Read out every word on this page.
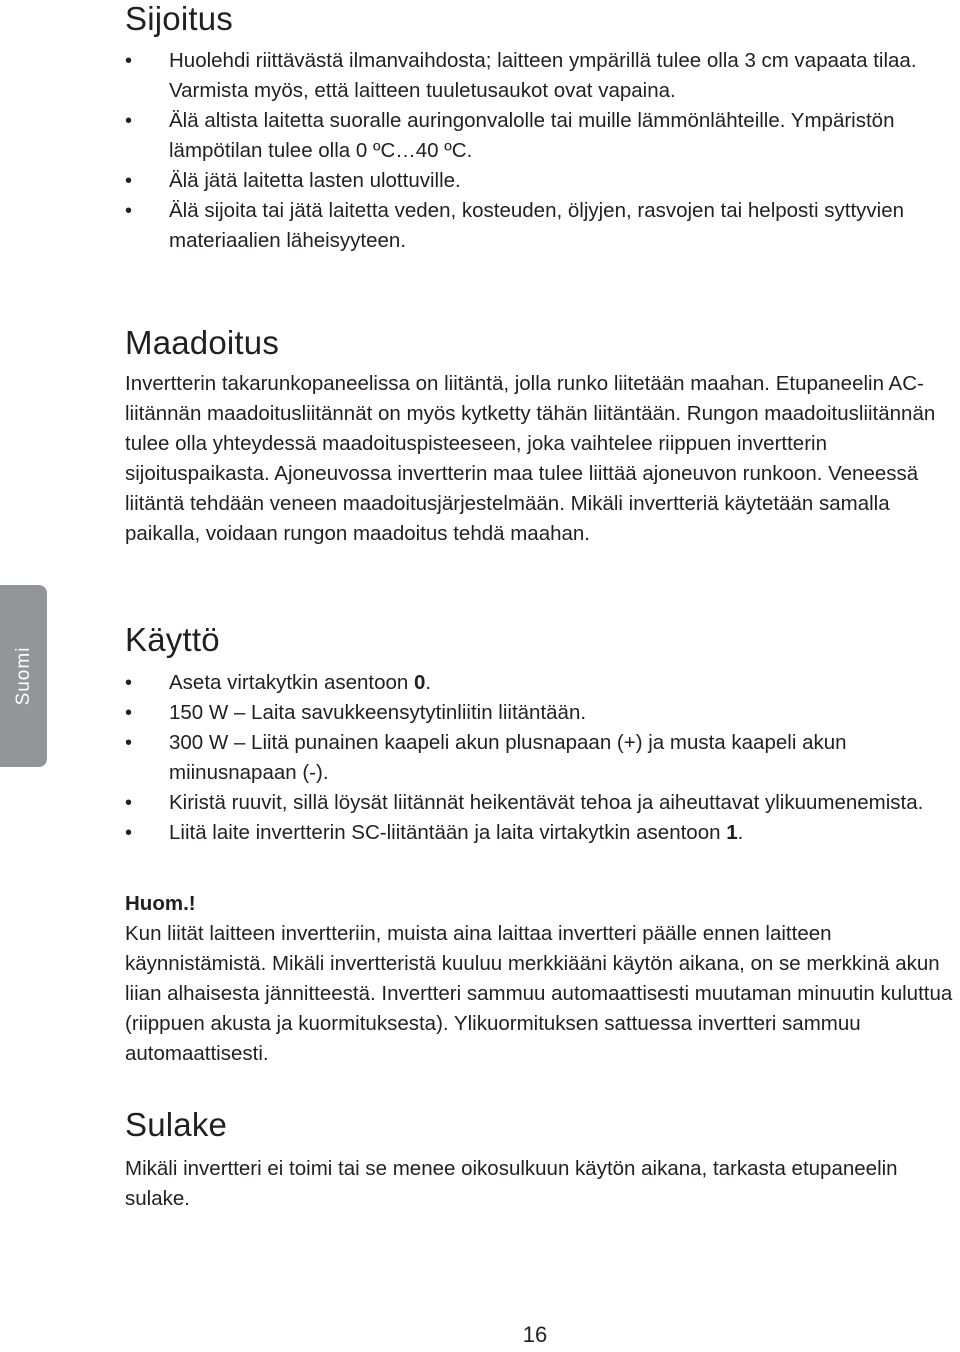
Suomi
Sijoitus
•	Huolehdi riittävästä ilmanvaihdosta; laitteen ympärillä tulee olla 3 cm vapaata tilaa. Varmista myös, että laitteen tuuletusaukot ovat vapaina.
•	Älä altista laitetta suoralle auringonvalolle tai muille lämmönlähteille. Ympäristön lämpötilan tulee olla 0 ºC…40 ºC.
•	Älä jätä laitetta lasten ulottuville.
•	Älä sijoita tai jätä laitetta veden, kosteuden, öljyjen, rasvojen tai helposti syttyvien materiaalien läheisyyteen.
Maadoitus

Invertterin takarunkopaneelissa on liitäntä, jolla runko liitetään maahan. Etupaneelin AC-liitännän maadoitusliitännät on myös kytketty tähän liitäntään. Rungon maadoitusliitännän tulee olla yhteydessä maadoituspisteeseen, joka vaihtelee riippuen invertterin sijoituspaikasta. Ajoneuvossa invertterin maa tulee liittää ajoneuvon runkoon. Veneessä liitäntä tehdään veneen maadoitusjärjestelmään. Mikäli invertteriä käytetään samalla paikalla, voidaan rungon maadoitus tehdä maahan.

Käyttö
•	Aseta virtakytkin asentoon 0.
•	150 W – Laita savukkeensytytinliitin liitäntään.
•	300 W – Liitä punainen kaapeli akun plusnapaan (+) ja musta kaapeli akun miinusnapaan (-).
•	Kiristä ruuvit, sillä löysät liitännät heikentävät tehoa ja aiheuttavat ylikuumenemista.
•	Liitä laite invertterin SC-liitäntään ja laita virtakytkin asentoon 1.
Huom.!

Kun liität laitteen invertteriin, muista aina laittaa invertteri päälle ennen laitteen käynnistämistä. Mikäli invertteristä kuuluu merkkiääni käytön aikana, on se merkkinä akun liian alhaisesta jännitteestä. Invertteri sammuu automaattisesti muutaman minuutin kuluttua (riippuen akusta ja kuormituksesta). Ylikuormituksen sattuessa invertteri sammuu automaattisesti.

Sulake

Mikäli invertteri ei toimi tai se menee oikosulkuun käytön aikana, tarkasta etupaneelin sulake.

16
